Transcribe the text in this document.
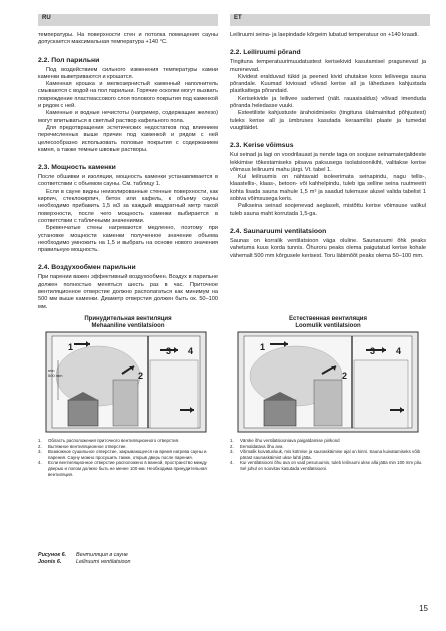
RU	ET

температуры. На поверхности стен и потолка помещения сауны допускается максимальная температура +140 °C.

2.2. Пол парильни

Под воздействием сильного изменения температуры камни каменки выветриваются и крошатся.

Каменная крошка и мелкозернистый каменный наполнитель смываются с водой на пол парильни. Горячие осколки могут вызвать повреждение пластмассового слоя полового покрытия под каменкой и рядом с ней.

Каменные и водные нечистоты (например, содержащие железо) могут впитываться в светлый раствор кафельного пола.

Для предотвращения эстетических недостатков под влиянием перечисленных выше причин под каменкой и рядом с ней целесообразно использовать половые покрытия с содержанием камня, а также темные швовые растворы.

2.3. Мощность каменки

После обшивки и изоляции, мощность каменки устанавливается в соответствии с объемом сауны. См. таблицу 1.

Если в сауне видны неизолированные стенные поверхности, как кирпич, стеклокирпич, бетон или кафель, к объему сауны необходимо прибавить 1,5 м3 за каждый квадратный метр такой поверхности, после чего мощность каменки выбирается в соответствии с табличными значениями.

Бревенчатые стены нагреваются медленно, поэтому при установке мощности каменки полученное значение объема необходимо умножить на 1,5 и выбрать на основе нового значения правильную мощность.

2.4. Воздухообмен парильни

При парении важен эффективный воздухообмен. Воздух в парильне должен полностью меняться шесть раз в час. Приточное вентиляционное отверстие должно располагаться как минимум на 500 мм выше каменки. Диаметр отверстия должен быть ок. 50–100 мм.

Leiliruumi seina- ja laepindade kõrgeim lubatud temperatuur on +140 kraadi.

2.2. Leiliruumi põrand

Tingituna temperatuurimuudatustest kerisekivid kasutamisel pragunevad ja murenevad.

Kividest eralduvad tükid ja peened kivid uhutakse koos leiliveega sauna põrandale. Kuumad kiviosad võivad kerise all ja läheduses kahjustada plastkattega põrandaid.

Kerisekivide ja leilivee sademed (nält. rauasisaldus) võivad imenduda põranda heledasse vuuki.

Esteetiliste kahjustuste ärahoidmiseks (tingituna ülalmainitud põhjustest) tuleks kerise all ja ümbruses kasutada keraamilisi plaate ja tumedat vuugitäidet.

2.3. Kerise võimsus

Kui seinad ja lagi on voodrilauast ja nende taga on soojuse seinamaterjalideste lekkimise tõkestamiseks piisava paksusega isolatsioonikiht, valitakse kerise võimsus leiliruumi mahu järgi. Vt. tabel 1.

Kui leiliruumis on nähtavaid isoleerimata seinapindu, nagu tellis-, klaastellis-, klaas-, betoon- või kahhelpindu, tuleb iga selline seina ruutmeetri kohta lisada sauna mahule 1,5 m³ ja saadud tulemuse alusel valida tabelist 1 sobiva võimsusega keris.

Palkseina seinad soojenevad aeglaselt, mistõttu kerise võimsuse valikul tuleb sauna maht korrutada 1,5-ga.

2.4. Saunaruumi ventilatsioon

Saunas on korralik ventilatsioon väga oluline. Saunaruumi õhk peaks vahetuma kuus korda tunnis. Õhuroru peaks olema paigutatud kerise kohale vähemalt 500 mm kõrgusele kerisest. Toru läbimõõt peaks olema 50–100 mm.

Принудительная вентиляция
Mehaaniline ventilatsioon
1
2
3 4
min
500 mm
Естественная вентиляция
Loomulik ventilatsioon
1
2
3 4
1.	Область расположения приточного вентиляционного отверстия.
2.	Вытяжное вентиляционное отверстие.
3.	Возможное сушильное отверстие, закрывающееся на время нагрева сауны и парения. Сауну можно просушить также, открыв дверь после парения.
4.	Если вентиляционное отверстие расположено в ванной, пространство между дверью и полом должно быть не менее 100 мм. Необходима принудительная вентиляция.
1.	Värske õhu ventilatsiooniava paigaldamise piirkond
2.	Eemaldatava õhu ava
3.	Võimalik kuivatusluuk, mis kütmise ja saunaskäimise ajal on kinni. Sauna kuivatamiseks võib pärast saunaskäimist ukse lahti jätta.
4.	Kui ventilatsiooni õhu ava on vaid pesuruumis, tuleb leiliruumi ukse alla jätta min 100 mm pilu. Sel juhul on soovitav kasutada ventilatsiooni.
Рисунок 6. Вентиляция в сауне
Joonis 6.	Leiliruumi ventilatsioon
15
